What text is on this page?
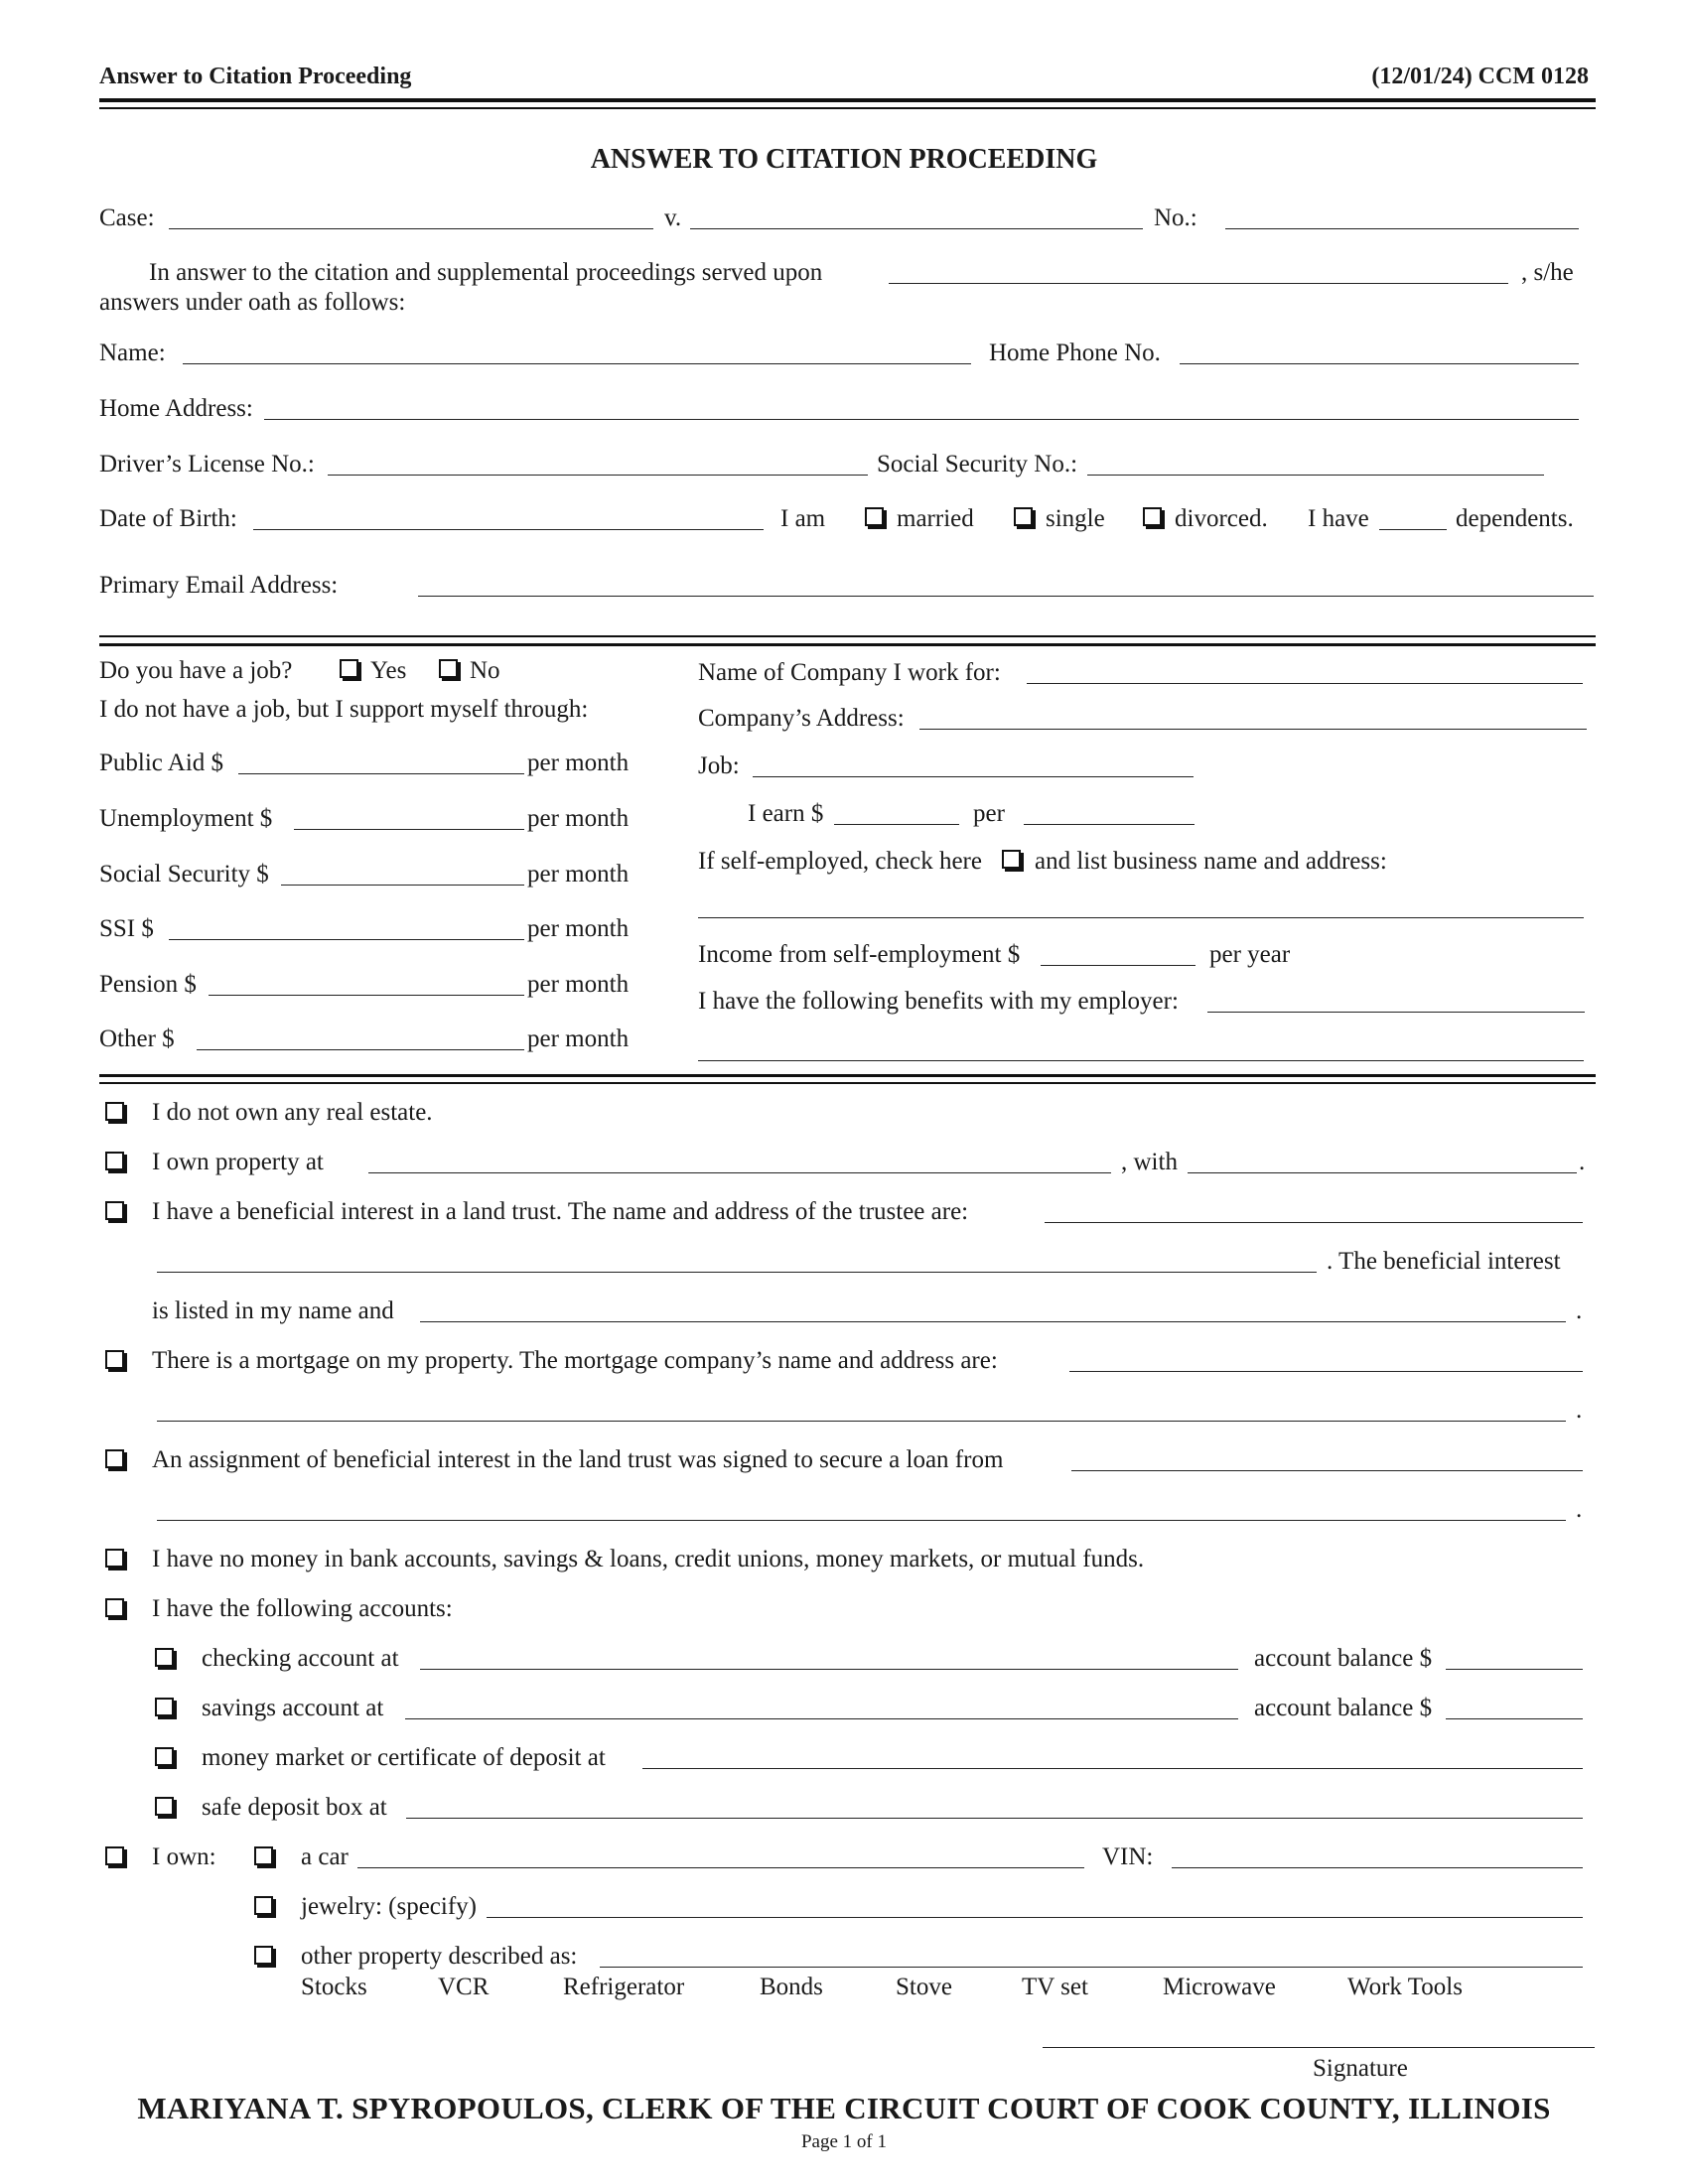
Answer to Citation Proceeding	(12/01/24) CCM 0128
ANSWER TO CITATION PROCEEDING
Case:	v.	No.:
In answer to the citation and supplemental proceedings served upon	, s/he
answers under oath as follows:
Name:	Home Phone No.
Home Address:
Driver’s License No.:	Social Security No.:
Date of Birth:	I am	married	single	divorced. I have	dependents.
Primary Email Address:
Do you have a job?	Yes	No
I do not have a job, but I support myself through:
Public Aid $	per month
Unemployment $	per month
Social Security $	per month
SSI $	per month
Pension $	per month
Other $	per month
Name of Company I work for:
Company’s Address:
Job:
I earn $	per
If self-employed, check here and list business name and address:
Income from self-employment $	per year
I have the following benefits with my employer:
I do not own any real estate.
I own property at	, with	.
I have a beneficial interest in a land trust. The name and address of the trustee are:
. The beneficial interest
is listed in my name and	.
There is a mortgage on my property. The mortgage company’s name and address are:
.
An assignment of beneficial interest in the land trust was signed to secure a loan from
.
I have no money in bank accounts, savings & loans, credit unions, money markets, or mutual funds.
I have the following accounts:
checking account at	account balance $
savings account at	account balance $
money market or certificate of deposit at
safe deposit box at
I own:	a car	VIN:
jewelry: (specify)
other property described as:
Stocks	VCR	Refrigerator	Bonds	Stove	TV set	Microwave	Work Tools
Signature
MARIYANA T. SPYROPOULOS, CLERK OF THE CIRCUIT COURT OF COOK COUNTY, ILLINOIS
Page 1 of 1
